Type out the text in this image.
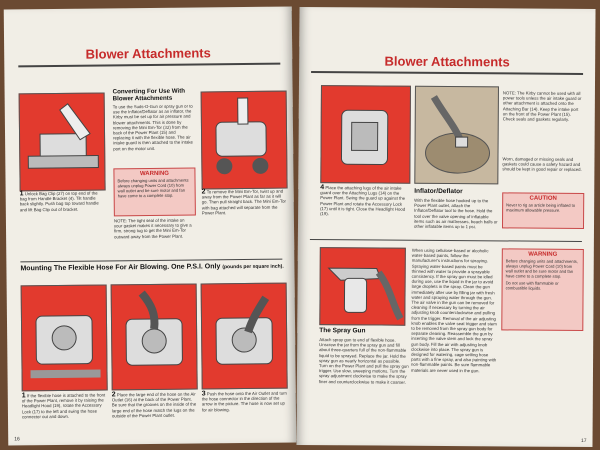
Blower Attachments
Converting For Use With Blower Attachments
To use the Suds-O-Gun or spray gun or to use the Inflator/Deflator as an inflator, the Kirby must be set up for air pressure and blower attachments. This is done by removing the Mini Em-Tor (32) from the back of the Power Plant (15) and replacing it with the flexible hose. The air intake guard is then attached to the intake port on the motor unit.
WARNING
Before changing units and attachments always unplug Power Cord (10) from wall outlet and be sure motor and fan have come to a complete stop.
NOTE: The tight seal of the intake on your gasket makes it necessary to give a firm, strong tug to get the Mini Em-Tor outward away from the Power Plant.
1 Unlock Bag Clip (27) on top end of the bag from Handle Bracket (4). Tilt handle back slightly. Push bag top toward handle and lift Bag Clip out of bracket.
2 To remove the Mini Em-Tor, twist up and away from the Power Plant as far as it will go. Then pull straight back. The Mini Em-Tor with bag attached will separate from the Power Plant.
Mounting The Flexible Hose For Air Blowing. One P.S.I. Only (pounds per square inch).
1 If the flexible hose is attached to the front of the Power Plant, remove it by raising the Headlight Hood (19), rotate the Accessory Lock (17) to the left and swing the hose connector out and down.
2 Place the large end of the hose on the Air Outlet (16) at the back of the Power Plant. Be sure that the grooves on the inside of the large end of the hose match the lugs on the outside of the Power Plant outlet.
3 Push the hose onto the Air Outlet and turn the hose connector in the direction of the arrow in the picture. The hose is now set up for air blowing.
16
Blower Attachments
NOTE: The Kirby cannot be used with all power tools unless the air intake guard or other attachment is attached onto the Attaching Bar (14). Keep the intake port on the front of the Power Plant (15). Check seals and gaskets regularly.
Worn, damaged or missing seals and gaskets could cause a safety hazard and should be kept in good repair or replaced.
4 Place the attaching lugs of the air intake guard over the Attaching Lugs (14) on the Power Plant. Swing the guard up against the Power Plant and rotate the Accessory Lock (17) until it is tight. Close the Headlight Hood (19).
Inflator/Deflator
With the flexible hose hooked up to the Power Plant outlet, attach the Inflator/Deflator tool to the hose. Hold the tool over the valve opening of inflatable items such as air mattresses, beach balls or other inflatable items up to 1 psi.
CAUTION
Never to rig an article being inflated to maximum allowable pressure.
The Spray Gun
Attach spray gun to end of flexible hose. Unscrew the jar from the spray gun and fill about three-quarters full of the non-flammable liquid to be sprayed. Replace the jar. Hold the spray gun as nearly horizontal as possible. Turn on the Power Plant and pull the spray gun trigger. Use slow, sweeping motions. Turn the spray adjustment clockwise to make the spray finer and counterclockwise to make it coarser.
When using cellulose-based or alcoholic water-based paints, follow the manufacturer's instructions for spraying. Spraying water-based paints must be thinned with water to provide a sprayable consistency. If the spray gun must be idled during use, use the liquid in the jar to avoid large droplets in the spray. Clean the gun immediately after use by filling jar with fresh water and spraying water through the gun. The air valve in the gun can be removed for cleaning if necessary by turning the air adjusting knob counterclockwise and pulling from the trigger. Removal of the air adjusting knob enables the valve seat trigger and stem to be removed from the spray gun body for separate cleaning. Reassemble the gun by inserting the valve stem and lock the spray gun body. Fill the air with adjusting knob clockwise into place. The spray gun is designed for watering, cage setting hose parts with a fine spray, and also painting with non-flammable paints. Be sure flammable materials are never used in the gun.
WARNING
Before changing units and attachments, always unplug Power Cord (10) from wall outlet and be sure motor and fan have come to a complete stop.
Do not use with flammable or combustible liquids.
17
